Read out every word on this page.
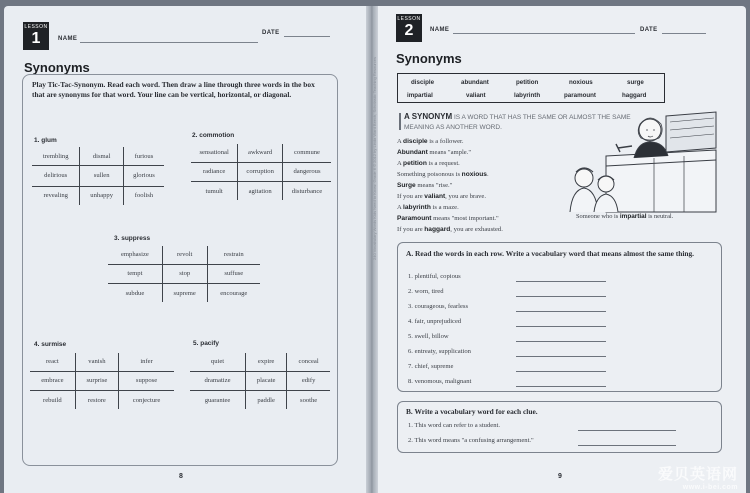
240 Vocabulary Words Kids Need to Know: Grade 6 © 2012 by Linda Ward Beech, Scholastic Teaching Resources
LESSON
1	NAME
DATE
Synonyms
Play Tic-Tac-Synonym. Read each word. Then draw a line through three words in the box that are synonyms for that word. Your line can be vertical, horizontal, or diagonal.
1. glum
trembling	dismal	furious
delirious	sullen	glorious
revealing	unhappy	foolish
2. commotion
sensational	awkward	commune
radiance	corruption	dangerous
tumult	agitation	disturbance
3. suppress
emphasize	revolt	restrain
tempt	stop	suffuse
subdue	supreme	encourage
4. surmise
react	vanish	infer
embrace	surprise	suppose
rebuild	restore	conjecture
5. pacify
quiet	expire	conceal
dramatize	placate	edify
guarantee	paddle	soothe
8
LESSON
2	NAME	DATE
Synonyms
disciple	abundant	petition	noxious	surge
impartial	valiant	labyrinth	paramount	haggard
A SYNONYM IS A WORD THAT HAS THE SAME OR ALMOST THE SAME MEANING AS ANOTHER WORD.
A disciple is a follower.
Abundant means "ample."
A petition is a request.
Something poisonous is noxious.
Surge means "rise."
If you are valiant, you are brave.
A labyrinth is a maze.
Paramount means "most important."
If you are haggard, you are exhausted.
Someone who is impartial is neutral.
A. Read the words in each row. Write a vocabulary word that means almost the same thing.
1. plentiful, copious
2. worn, tired
3. courageous, fearless
4. fair, unprejudiced
5. swell, billow
6. entreaty, supplication
7. chief, supreme
8. venomous, malignant
B. Write a vocabulary word for each clue.
1. This word can refer to a student.
2. This word means "a confusing arrangement."
9	爱贝英语网
www.i-bei.com
